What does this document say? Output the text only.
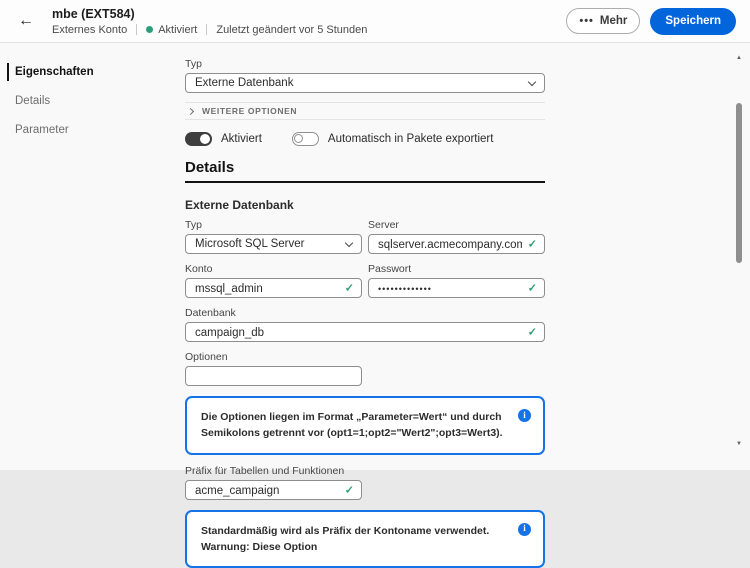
←	mbe (EXT584)
Externes Konto	Aktiviert Zuletzt geändert vor 5 Stunden
••• Mehr	Speichern
Eigenschaften
Details
Parameter
Typ
Externe Datenbank
WEITERE OPTIONEN
Aktiviert	Automatisch in Pakete exportiert
Details
Externe Datenbank
Typ
Microsoft SQL Server
Server
sqlserver.acmecompany.com
✓
Konto
mssql_admin
✓
Passwort
•••••••••••••
✓
Datenbank
campaign_db
✓
Optionen
Die Optionen liegen im Format „Parameter=Wert“ und durch Semikolons getrennt vor (opt1=1;opt2="Wert2";opt3=Wert3).
i
Präfix für Tabellen und Funktionen
acme_campaign
✓
Standardmäßig wird als Präfix der Kontoname verwendet. Warnung: Diese Option
i
▲
▼
